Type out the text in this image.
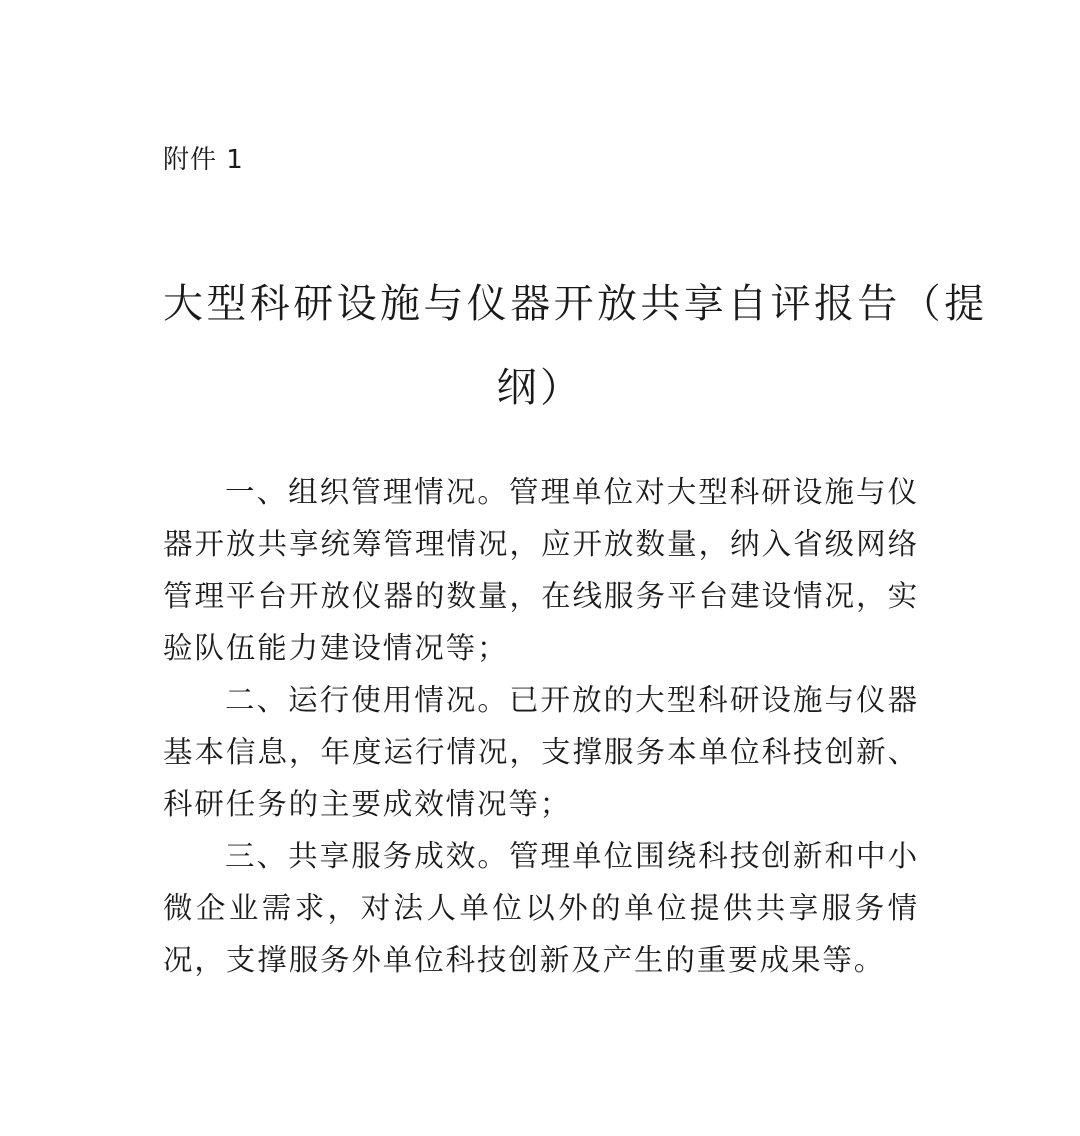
附件 1
大型科研设施与仪器开放共享自评报告（提
纲）

一、组织管理情况。管理单位对大型科研设施与仪器开放共享统筹管理情况，应开放数量，纳入省级网络管理平台开放仪器的数量，在线服务平台建设情况，实验队伍能力建设情况等；

二、运行使用情况。已开放的大型科研设施与仪器基本信息，年度运行情况，支撑服务本单位科技创新、科研任务的主要成效情况等；

三、共享服务成效。管理单位围绕科技创新和中小微企业需求，对法人单位以外的单位提供共享服务情况，支撑服务外单位科技创新及产生的重要成果等。
